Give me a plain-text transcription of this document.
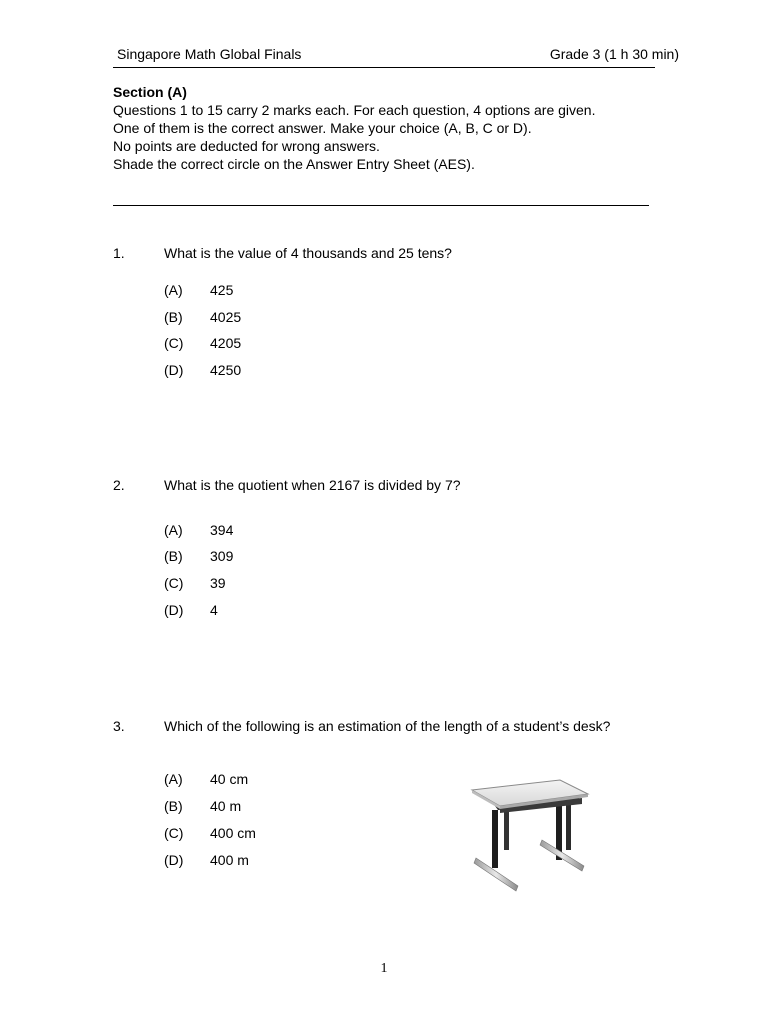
Singapore Math Global Finals	Grade 3 (1 h 30 min)
Section (A)
Questions 1 to 15 carry 2 marks each. For each question, 4 options are given.
One of them is the correct answer. Make your choice (A, B, C or D).
No points are deducted for wrong answers.
Shade the correct circle on the Answer Entry Sheet (AES).
1.	What is the value of 4 thousands and 25 tens?
(A) 425
(B) 4025
(C) 4205
(D) 4250
2.	What is the quotient when 2167 is divided by 7?
(A) 394
(B) 309
(C) 39
(D) 4
3.	Which of the following is an estimation of the length of a student’s desk?
(A) 40 cm
(B) 40 m
(C) 400 cm
(D) 400 m
1
